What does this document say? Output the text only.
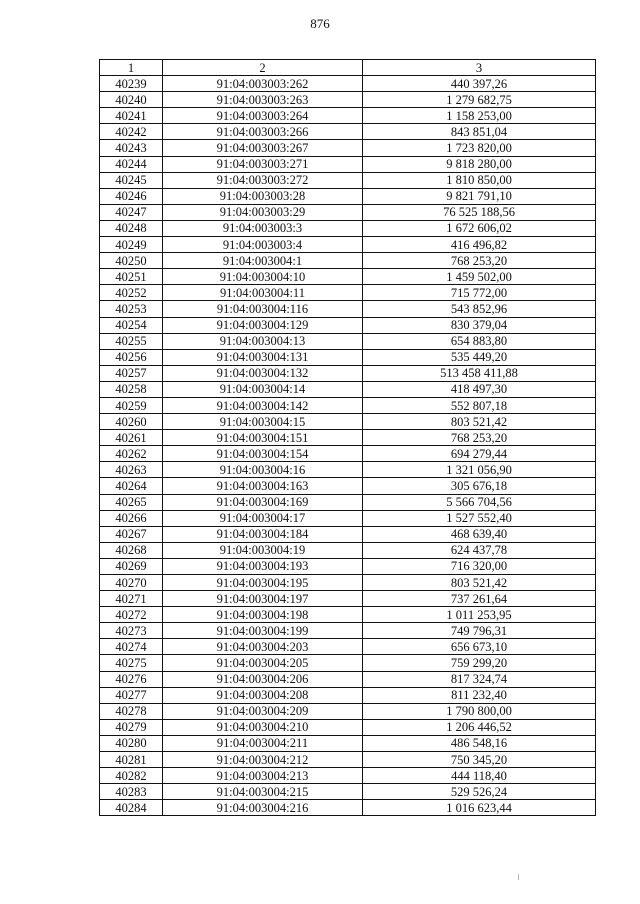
876
1	2	3
40239	91:04:003003:262	440 397,26
40240	91:04:003003:263	1 279 682,75
40241	91:04:003003:264	1 158 253,00
40242	91:04:003003:266	843 851,04
40243	91:04:003003:267	1 723 820,00
40244	91:04:003003:271	9 818 280,00
40245	91:04:003003:272	1 810 850,00
40246	91:04:003003:28	9 821 791,10
40247	91:04:003003:29	76 525 188,56
40248	91:04:003003:3	1 672 606,02
40249	91:04:003003:4	416 496,82
40250	91:04:003004:1	768 253,20
40251	91:04:003004:10	1 459 502,00
40252	91:04:003004:11	715 772,00
40253	91:04:003004:116	543 852,96
40254	91:04:003004:129	830 379,04
40255	91:04:003004:13	654 883,80
40256	91:04:003004:131	535 449,20
40257	91:04:003004:132	513 458 411,88
40258	91:04:003004:14	418 497,30
40259	91:04:003004:142	552 807,18
40260	91:04:003004:15	803 521,42
40261	91:04:003004:151	768 253,20
40262	91:04:003004:154	694 279,44
40263	91:04:003004:16	1 321 056,90
40264	91:04:003004:163	305 676,18
40265	91:04:003004:169	5 566 704,56
40266	91:04:003004:17	1 527 552,40
40267	91:04:003004:184	468 639,40
40268	91:04:003004:19	624 437,78
40269	91:04:003004:193	716 320,00
40270	91:04:003004:195	803 521,42
40271	91:04:003004:197	737 261,64
40272	91:04:003004:198	1 011 253,95
40273	91:04:003004:199	749 796,31
40274	91:04:003004:203	656 673,10
40275	91:04:003004:205	759 299,20
40276	91:04:003004:206	817 324,74
40277	91:04:003004:208	811 232,40
40278	91:04:003004:209	1 790 800,00
40279	91:04:003004:210	1 206 446,52
40280	91:04:003004:211	486 548,16
40281	91:04:003004:212	750 345,20
40282	91:04:003004:213	444 118,40
40283	91:04:003004:215	529 526,24
40284	91:04:003004:216	1 016 623,44
